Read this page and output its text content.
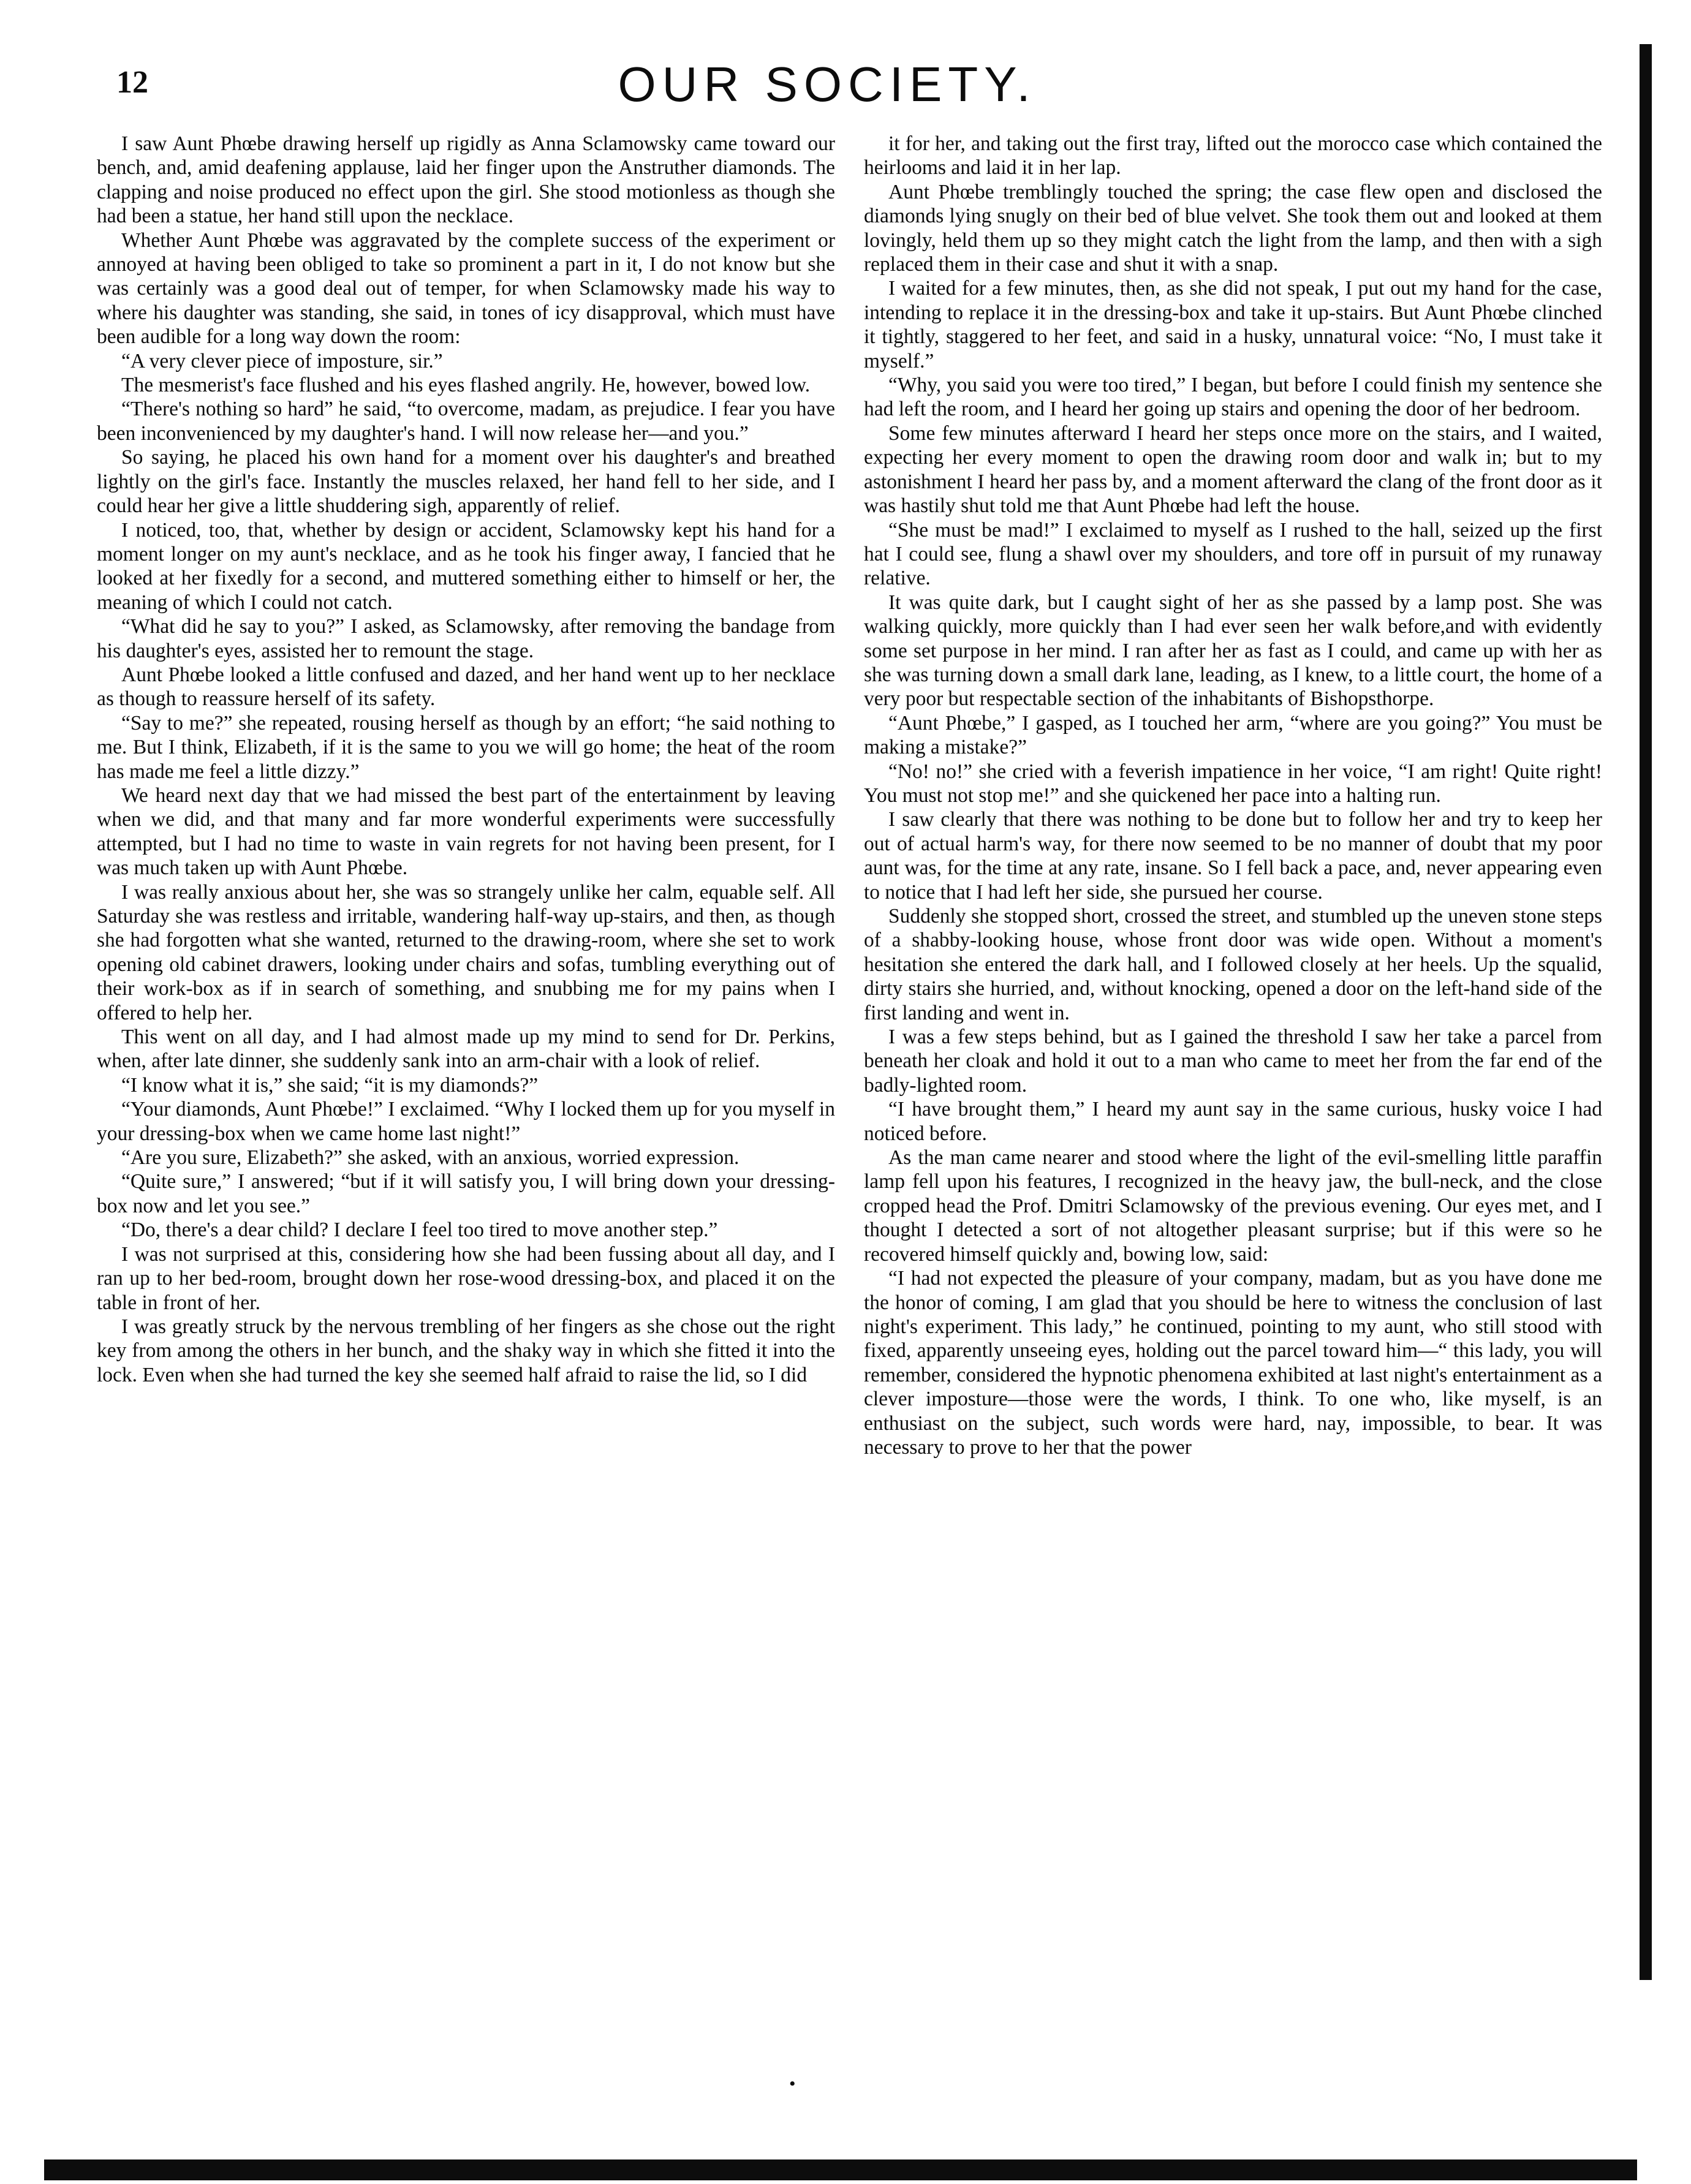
12	OUR SOCIETY.

I saw Aunt Phœbe drawing herself up rigidly as Anna Sclamowsky came toward our bench, and, amid deafening applause, laid her finger upon the Anstruther diamonds. The clapping and noise produced no effect upon the girl. She stood motionless as though she had been a statue, her hand still upon the necklace.

Whether Aunt Phœbe was aggravated by the complete success of the experiment or annoyed at having been obliged to take so prominent a part in it, I do not know but she was certainly was a good deal out of temper, for when Sclamowsky made his way to where his daughter was standing, she said, in tones of icy disapproval, which must have been audible for a long way down the room:

“A very clever piece of imposture, sir.”

The mesmerist's face flushed and his eyes flashed angrily. He, however, bowed low.

“There's nothing so hard” he said, “to overcome, madam, as prejudice. I fear you have been inconvenienced by my daughter's hand. I will now release her—and you.”

So saying, he placed his own hand for a moment over his daughter's and breathed lightly on the girl's face. Instantly the muscles relaxed, her hand fell to her side, and I could hear her give a little shuddering sigh, apparently of relief.

I noticed, too, that, whether by design or accident, Sclamowsky kept his hand for a moment longer on my aunt's necklace, and as he took his finger away, I fancied that he looked at her fixedly for a second, and muttered something either to himself or her, the meaning of which I could not catch.

“What did he say to you?” I asked, as Sclamowsky, after removing the bandage from his daughter's eyes, assisted her to remount the stage.

Aunt Phœbe looked a little confused and dazed, and her hand went up to her necklace as though to reassure herself of its safety.

“Say to me?” she repeated, rousing herself as though by an effort; “he said nothing to me. But I think, Elizabeth, if it is the same to you we will go home; the heat of the room has made me feel a little dizzy.”

We heard next day that we had missed the best part of the entertainment by leaving when we did, and that many and far more wonderful experiments were successfully attempted, but I had no time to waste in vain regrets for not having been present, for I was much taken up with Aunt Phœbe.

I was really anxious about her, she was so strangely unlike her calm, equable self. All Saturday she was restless and irritable, wandering half-way up-stairs, and then, as though she had forgotten what she wanted, returned to the drawing-room, where she set to work opening old cabinet drawers, looking under chairs and sofas, tumbling everything out of their work-box as if in search of something, and snubbing me for my pains when I offered to help her.

This went on all day, and I had almost made up my mind to send for Dr. Perkins, when, after late dinner, she suddenly sank into an arm-chair with a look of relief.

“I know what it is,” she said; “it is my diamonds?”

“Your diamonds, Aunt Phœbe!” I exclaimed. “Why I locked them up for you myself in your dressing-box when we came home last night!”

“Are you sure, Elizabeth?” she asked, with an anxious, worried expression.

“Quite sure,” I answered; “but if it will satisfy you, I will bring down your dressing-box now and let you see.”

“Do, there's a dear child? I declare I feel too tired to move another step.”

I was not surprised at this, considering how she had been fussing about all day, and I ran up to her bed-room, brought down her rose-wood dressing-box, and placed it on the table in front of her.

I was greatly struck by the nervous trembling of her fingers as she chose out the right key from among the others in her bunch, and the shaky way in which she fitted it into the lock. Even when she had turned the key she seemed half afraid to raise the lid, so I did

it for her, and taking out the first tray, lifted out the morocco case which contained the heirlooms and laid it in her lap.

Aunt Phœbe tremblingly touched the spring; the case flew open and disclosed the diamonds lying snugly on their bed of blue velvet. She took them out and looked at them lovingly, held them up so they might catch the light from the lamp, and then with a sigh replaced them in their case and shut it with a snap.

I waited for a few minutes, then, as she did not speak, I put out my hand for the case, intending to replace it in the dressing-box and take it up-stairs. But Aunt Phœbe clinched it tightly, staggered to her feet, and said in a husky, unnatural voice: “No, I must take it myself.”

“Why, you said you were too tired,” I began, but before I could finish my sentence she had left the room, and I heard her going up stairs and opening the door of her bedroom.

Some few minutes afterward I heard her steps once more on the stairs, and I waited, expecting her every moment to open the drawing room door and walk in; but to my astonishment I heard her pass by, and a moment afterward the clang of the front door as it was hastily shut told me that Aunt Phœbe had left the house.

“She must be mad!” I exclaimed to myself as I rushed to the hall, seized up the first hat I could see, flung a shawl over my shoulders, and tore off in pursuit of my runaway relative.

It was quite dark, but I caught sight of her as she passed by a lamp post. She was walking quickly, more quickly than I had ever seen her walk before,and with evidently some set purpose in her mind. I ran after her as fast as I could, and came up with her as she was turning down a small dark lane, leading, as I knew, to a little court, the home of a very poor but respectable section of the inhabitants of Bishopsthorpe.

“Aunt Phœbe,” I gasped, as I touched her arm, “where are you going?” You must be making a mistake?”

“No! no!” she cried with a feverish impatience in her voice, “I am right! Quite right! You must not stop me!” and she quickened her pace into a halting run.

I saw clearly that there was nothing to be done but to follow her and try to keep her out of actual harm's way, for there now seemed to be no manner of doubt that my poor aunt was, for the time at any rate, insane. So I fell back a pace, and, never appearing even to notice that I had left her side, she pursued her course.

Suddenly she stopped short, crossed the street, and stumbled up the uneven stone steps of a shabby-looking house, whose front door was wide open. Without a moment's hesitation she entered the dark hall, and I followed closely at her heels. Up the squalid, dirty stairs she hurried, and, without knocking, opened a door on the left-hand side of the first landing and went in.

I was a few steps behind, but as I gained the threshold I saw her take a parcel from beneath her cloak and hold it out to a man who came to meet her from the far end of the badly-lighted room.

“I have brought them,” I heard my aunt say in the same curious, husky voice I had noticed before.

As the man came nearer and stood where the light of the evil-smelling little paraffin lamp fell upon his features, I recognized in the heavy jaw, the bull-neck, and the close cropped head the Prof. Dmitri Sclamowsky of the previous evening. Our eyes met, and I thought I detected a sort of not altogether pleasant surprise; but if this were so he recovered himself quickly and, bowing low, said:

“I had not expected the pleasure of your company, madam, but as you have done me the honor of coming, I am glad that you should be here to witness the conclusion of last night's experiment. This lady,” he continued, pointing to my aunt, who still stood with fixed, apparently unseeing eyes, holding out the parcel toward him—“ this lady, you will remember, considered the hypnotic phenomena exhibited at last night's entertainment as a clever imposture—those were the words, I think. To one who, like myself, is an enthusiast on the subject, such words were hard, nay, impossible, to bear. It was necessary to prove to her that the power

•
